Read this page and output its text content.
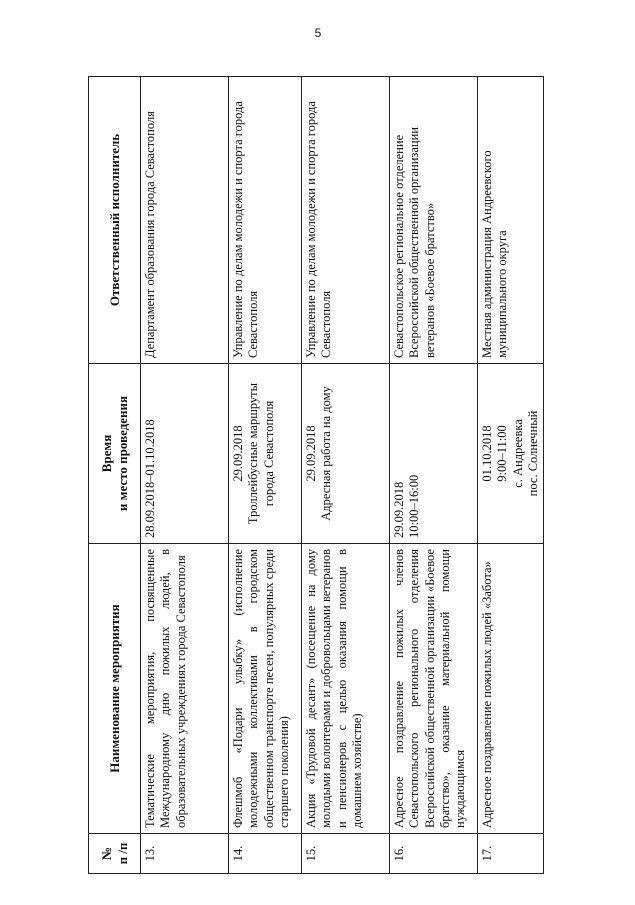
5
№ п /п	Наименование мероприятия	Время и место проведения	Ответственный исполнитель
13.	Тематические мероприятия, посвященные Международному дню пожилых людей, в образовательных учреждениях города Севастополя	28.09.2018–01.10.2018	Департамент образования города Севастополя
14.	Флешмоб «Подари улыбку» (исполнение молодежными коллективами в городском общественном транспорте песен, популярных среди старшего поколения)	29.09.2018 Троллейбусные маршруты города Севастополя	Управление по делам молодежи и спорта города Севастополя
15.	Акция «Трудовой десант» (посещение на дому молодыми волонтерами и добровольцами ветеранов и пенсионеров с целью оказания помощи в домашнем хозяйстве)	29.09.2018 Адресная работа на дому	Управление по делам молодежи и спорта города Севастополя
16.	Адресное поздравление пожилых членов Севастопольского регионального отделения Всероссийской общественной организации «Боевое братство», оказание материальной помощи нуждающимся	29.09.2018 10:00–16:00	Севастопольское региональное отделение Всероссийской общественной организации ветеранов «Боевое братство»
17.	Адресное поздравление пожилых людей «Забота»	01.10.2018 9:00–11:00 с. Андреевка пос. Солнечный	Местная администрация Андреевского муниципального округа
